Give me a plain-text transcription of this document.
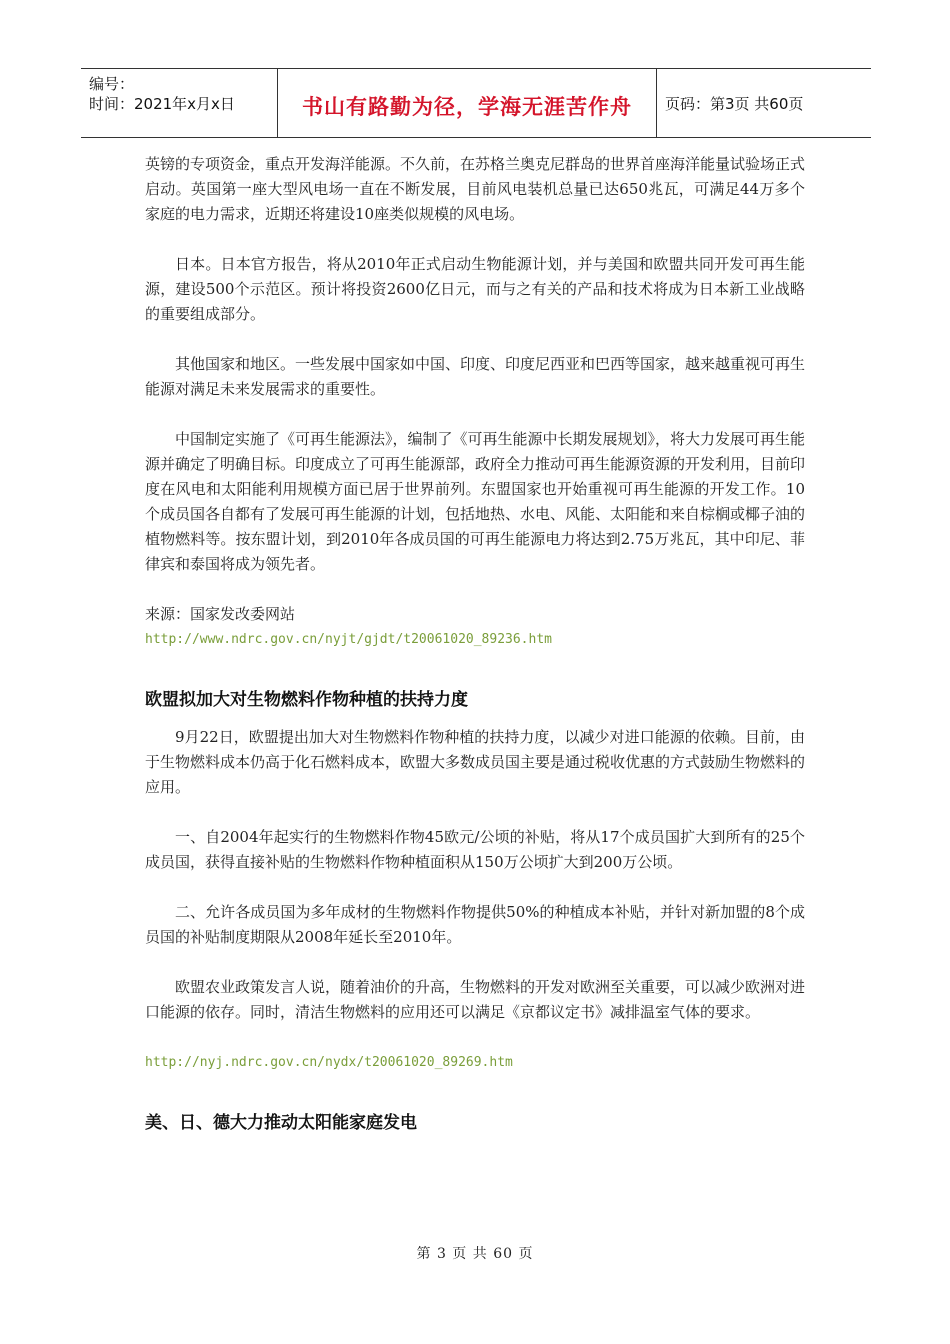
编号：
时间：2021年x月x日	书山有路勤为径，学海无涯苦作舟	页码：第3页 共60页

英镑的专项资金，重点开发海洋能源。不久前，在苏格兰奥克尼群岛的世界首座海洋能量试验场正式启动。英国第一座大型风电场一直在不断发展，目前风电装机总量已达650兆瓦，可满足44万多个家庭的电力需求，近期还将建设10座类似规模的风电场。

日本。日本官方报告，将从2010年正式启动生物能源计划，并与美国和欧盟共同开发可再生能源，建设500个示范区。预计将投资2600亿日元，而与之有关的产品和技术将成为日本新工业战略的重要组成部分。

其他国家和地区。一些发展中国家如中国、印度、印度尼西亚和巴西等国家，越来越重视可再生能源对满足未来发展需求的重要性。

中国制定实施了《可再生能源法》，编制了《可再生能源中长期发展规划》，将大力发展可再生能源并确定了明确目标。印度成立了可再生能源部，政府全力推动可再生能源资源的开发利用，目前印度在风电和太阳能利用规模方面已居于世界前列。东盟国家也开始重视可再生能源的开发工作。10个成员国各自都有了发展可再生能源的计划，包括地热、水电、风能、太阳能和来自棕榈或椰子油的植物燃料等。按东盟计划，到2010年各成员国的可再生能源电力将达到2.75万兆瓦，其中印尼、菲律宾和泰国将成为领先者。

来源：国家发改委网站

http://www.ndrc.gov.cn/nyjt/gjdt/t20061020_89236.htm
欧盟拟加大对生物燃料作物种植的扶持力度

9月22日，欧盟提出加大对生物燃料作物种植的扶持力度，以减少对进口能源的依赖。目前，由于生物燃料成本仍高于化石燃料成本，欧盟大多数成员国主要是通过税收优惠的方式鼓励生物燃料的应用。

一、自2004年起实行的生物燃料作物45欧元/公顷的补贴，将从17个成员国扩大到所有的25个成员国，获得直接补贴的生物燃料作物种植面积从150万公顷扩大到200万公顷。

二、允许各成员国为多年成材的生物燃料作物提供50%的种植成本补贴，并针对新加盟的8个成员国的补贴制度期限从2008年延长至2010年。

欧盟农业政策发言人说，随着油价的升高，生物燃料的开发对欧洲至关重要，可以减少欧洲对进口能源的依存。同时，清洁生物燃料的应用还可以满足《京都议定书》减排温室气体的要求。

http://nyj.ndrc.gov.cn/nydx/t20061020_89269.htm
美、日、德大力推动太阳能家庭发电
第 3 页 共 60 页
